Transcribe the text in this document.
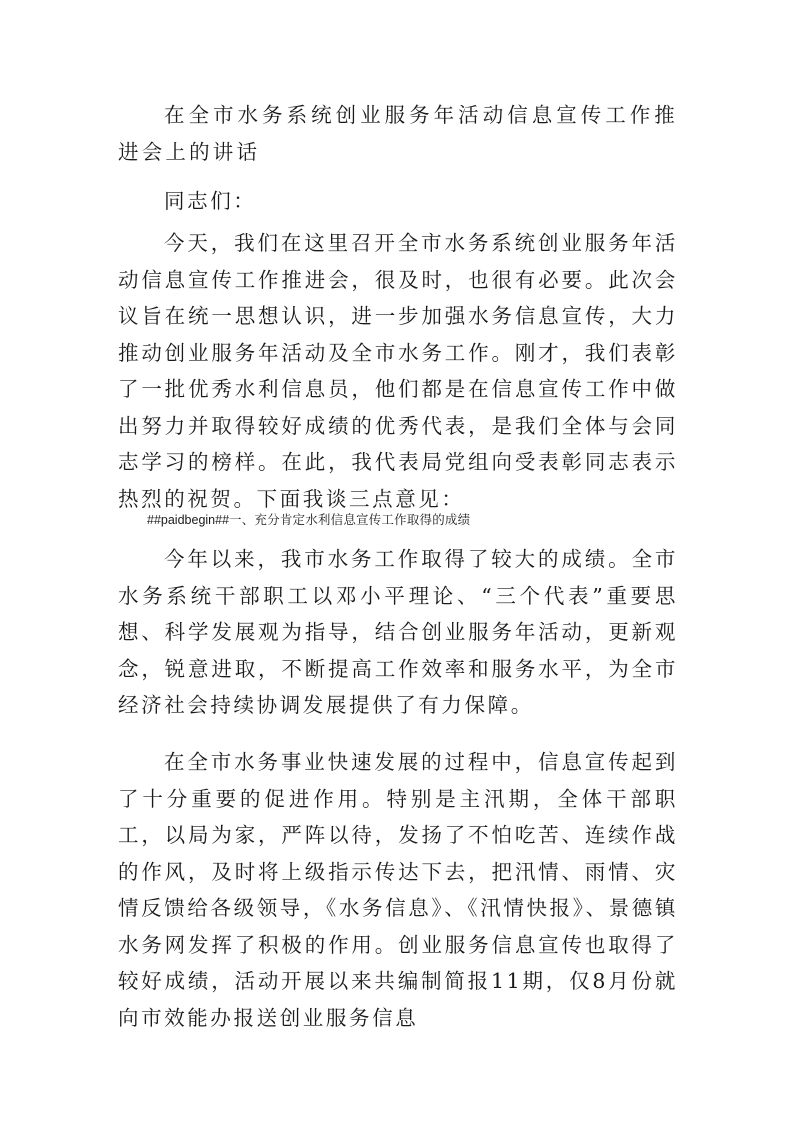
在全市水务系统创业服务年活动信息宣传工作推进会上的讲话

同志们：

今天，我们在这里召开全市水务系统创业服务年活动信息宣传工作推进会，很及时，也很有必要。此次会议旨在统一思想认识，进一步加强水务信息宣传，大力推动创业服务年活动及全市水务工作。刚才，我们表彰了一批优秀水利信息员，他们都是在信息宣传工作中做出努力并取得较好成绩的优秀代表，是我们全体与会同志学习的榜样。在此，我代表局党组向受表彰同志表示热烈的祝贺。下面我谈三点意见：

##paidbegin##一、充分肯定水利信息宣传工作取得的成绩

今年以来，我市水务工作取得了较大的成绩。全市水务系统干部职工以邓小平理论、“三个代表”重要思想、科学发展观为指导，结合创业服务年活动，更新观念，锐意进取，不断提高工作效率和服务水平，为全市经济社会持续协调发展提供了有力保障。

在全市水务事业快速发展的过程中，信息宣传起到了十分重要的促进作用。特别是主汛期，全体干部职工，以局为家，严阵以待，发扬了不怕吃苦、连续作战的作风，及时将上级指示传达下去，把汛情、雨情、灾情反馈给各级领导，《水务信息》、《汛情快报》、景德镇水务网发挥了积极的作用。创业服务信息宣传也取得了较好成绩，活动开展以来共编制简报11期，仅8月份就向市效能办报送创业服务信息
